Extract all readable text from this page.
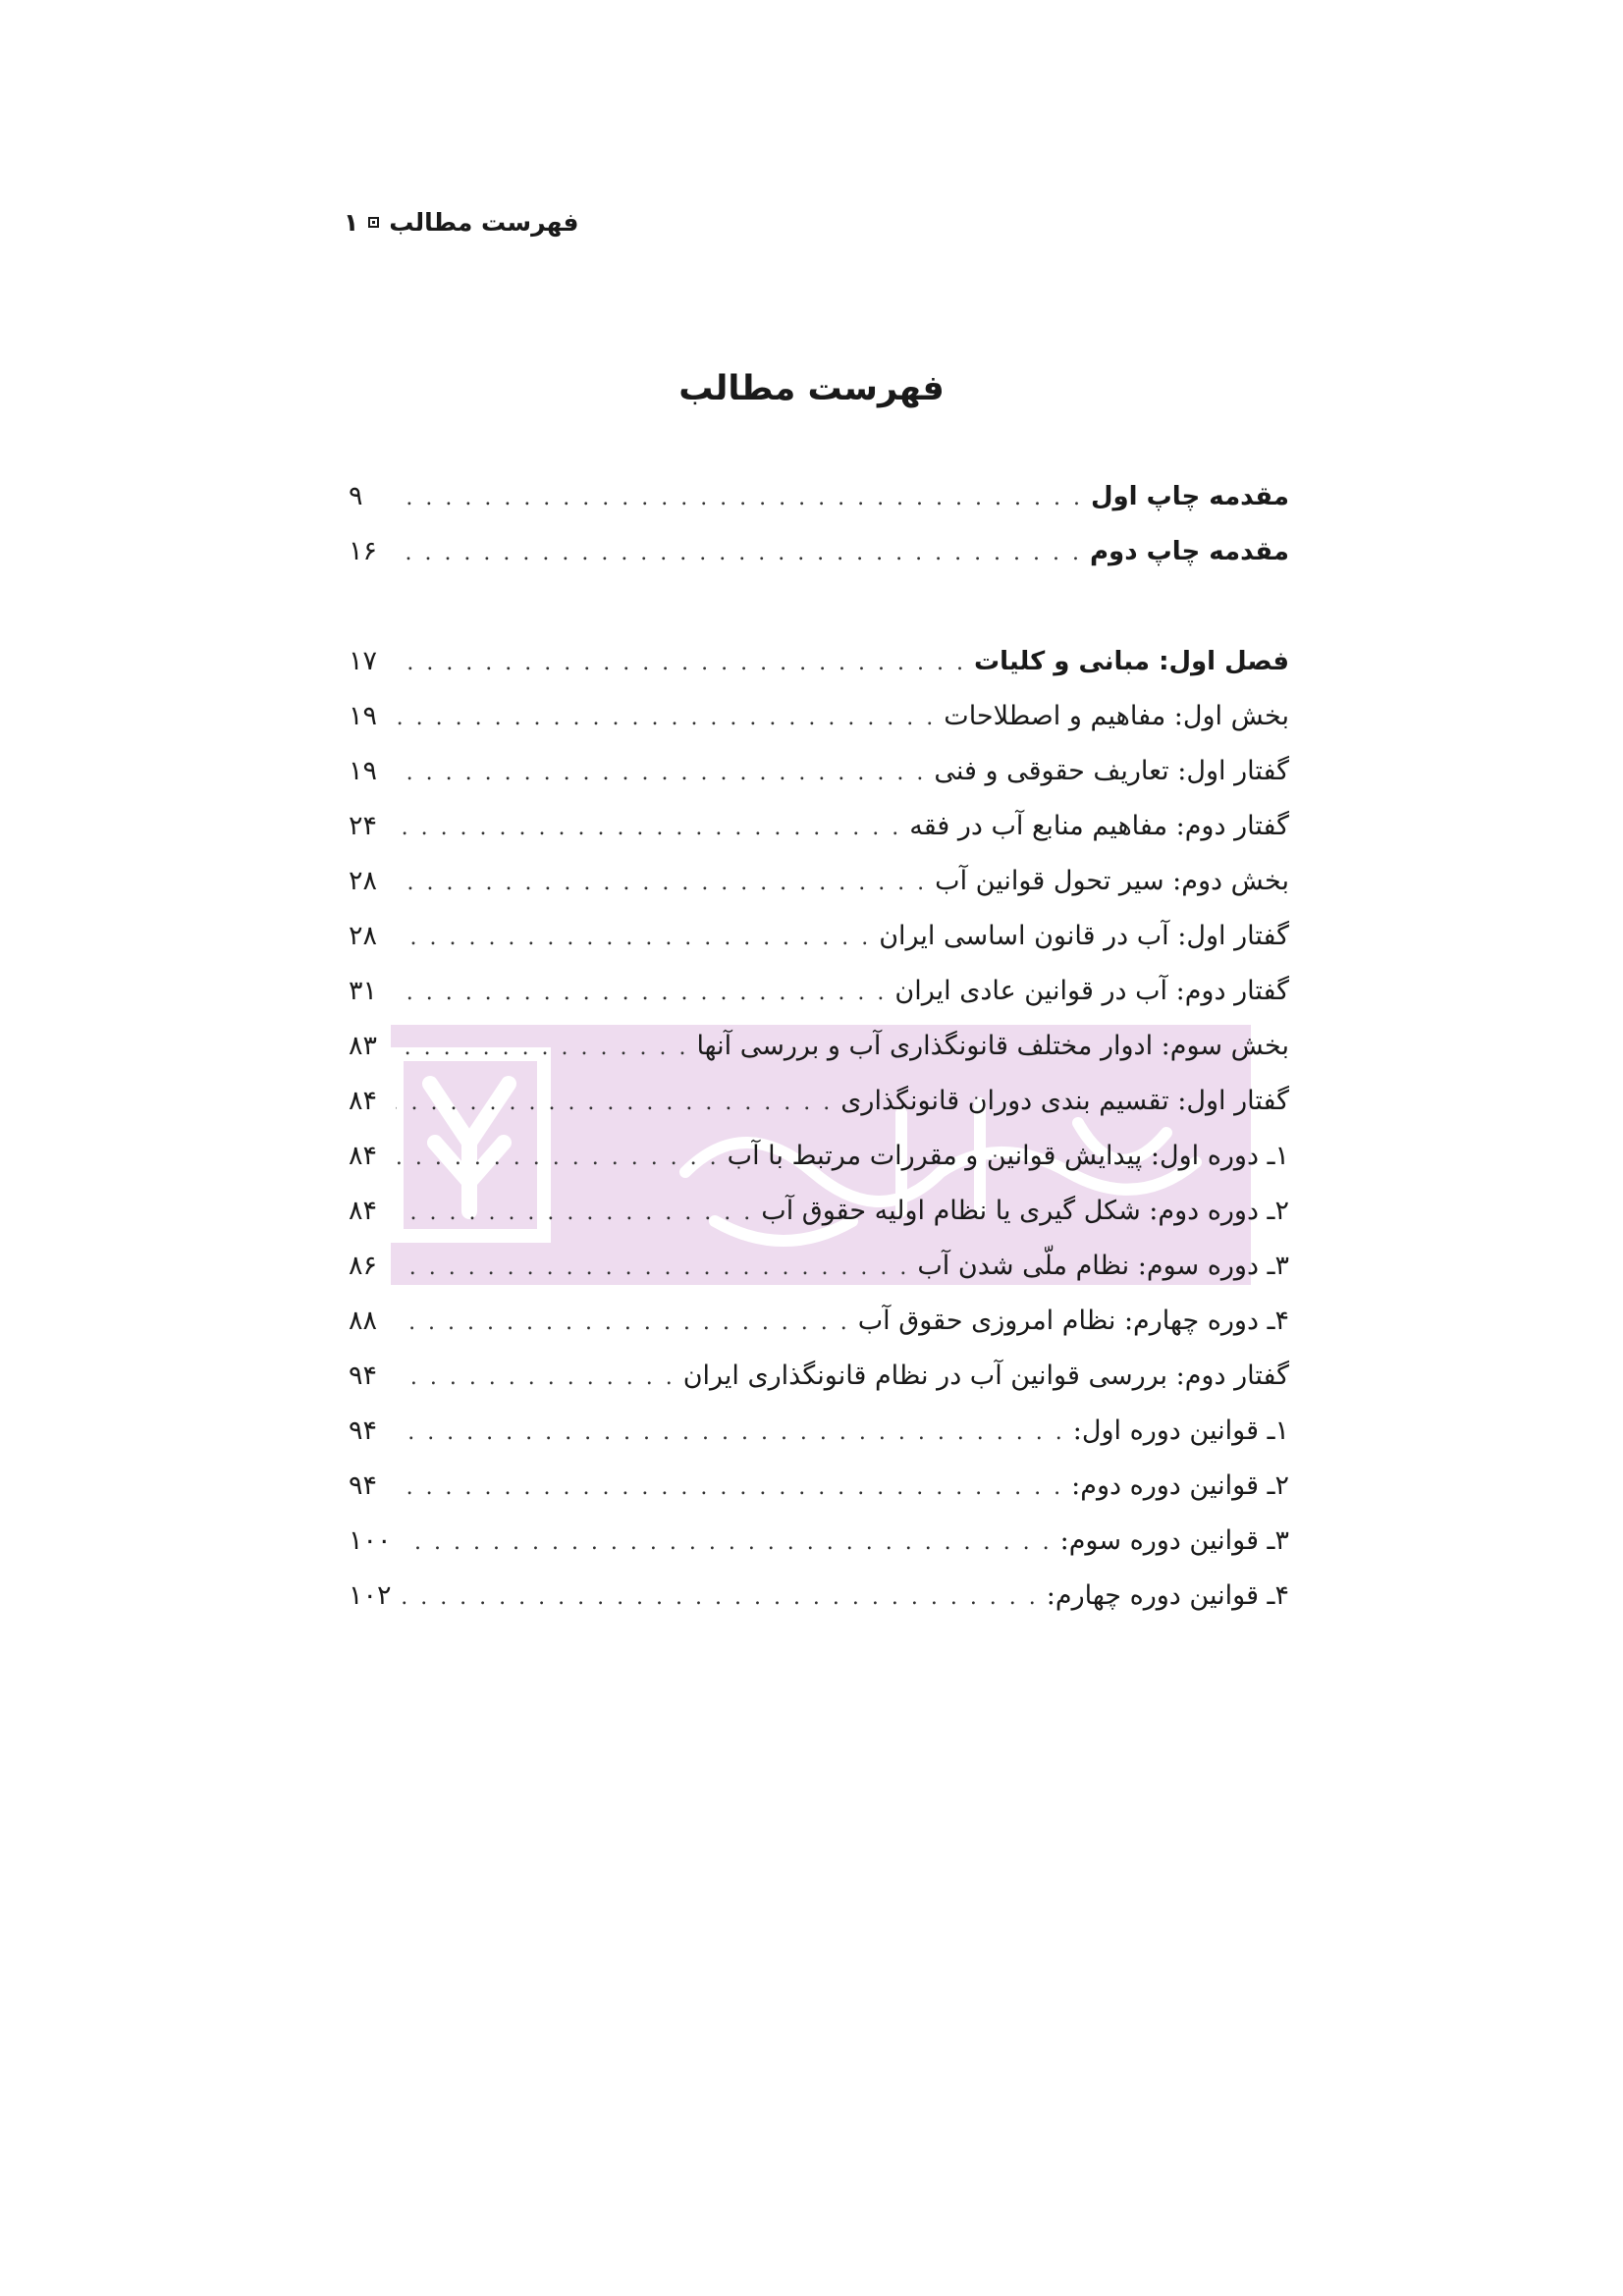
فهرست مطالب
۱
فهرست مطالب
مقدمه چاپ اول
. . .
۹
مقدمه چاپ دوم
. . .
۱۶
فصل اول: مبانی و کلیات
. . .
۱۷
بخش اول: مفاهیم و اصطلاحات
. . .
۱۹
گفتار اول: تعاریف حقوقی و فنی
. . .
۱۹
گفتار دوم: مفاهیم منابع آب در فقه
. . .
۲۴
بخش دوم: سیر تحول قوانین آب
. . .
۲۸
گفتار اول: آب در قانون اساسی ایران
. . .
۲۸
گفتار دوم: آب در قوانین عادی ایران
. . .
۳۱
بخش سوم: ادوار مختلف قانونگذاری آب و بررسی آنها
. . .
۸۳
گفتار اول: تقسیم بندی دوران قانونگذاری
. . .
۸۴
۱ـ دوره اول: پیدایش قوانین و مقررات مرتبط با آب
. . .
۸۴
۲ـ دوره دوم: شکل گیری یا نظام اولیه حقوق آب
. . .
۸۴
۳ـ دوره سوم: نظام ملّی شدن آب
. . .
۸۶
۴ـ دوره چهارم: نظام امروزی حقوق آب
. . .
۸۸
گفتار دوم: بررسی قوانین آب در نظام قانونگذاری ایران
. . .
۹۴
۱ـ قوانین دوره اول:
. . .
۹۴
۲ـ قوانین دوره دوم:
. . .
۹۴
۳ـ قوانین دوره سوم:
. . .
۱۰۰
۴ـ قوانین دوره چهارم:
. . .
۱۰۲
